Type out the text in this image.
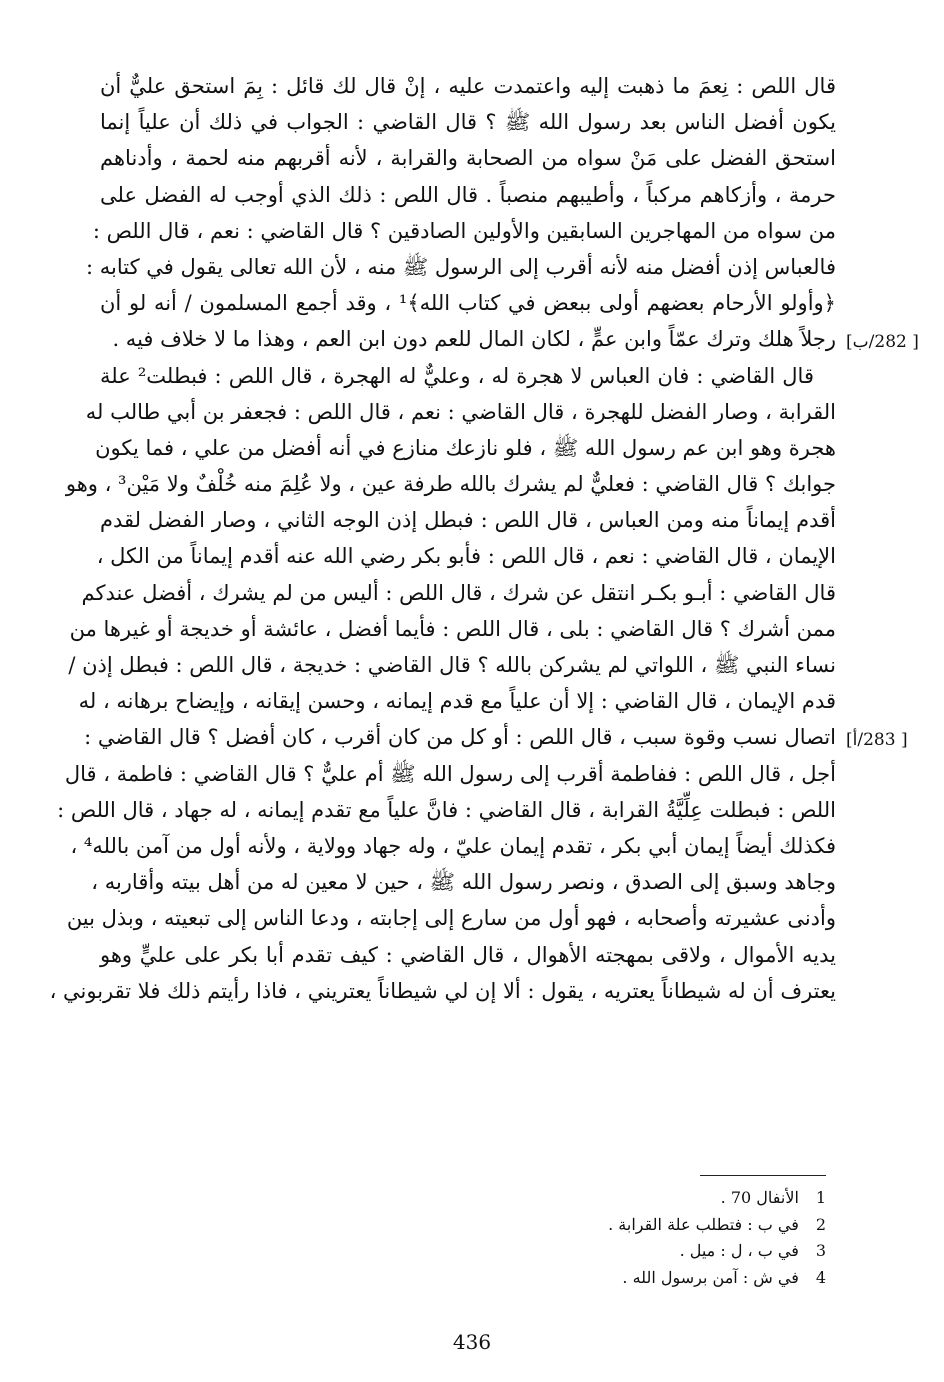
قال اللص : نِعمَ ما ذهبت إليه واعتمدت عليه ، إنْ قال لك قائل : بِمَ استحق عليٌّ أن
يكون أفضل الناس بعد رسول الله ﷺ ؟ قال القاضي : الجواب في ذلك أن علياً إنما
استحق الفضل على مَنْ سواه من الصحابة والقرابة ، لأنه أقربهم منه لحمة ، وأدناهم
حرمة ، وأزكاهم مركباً ، وأطيبهم منصباً . قال اللص : ذلك الذي أوجب له الفضل على
من سواه من المهاجرين السابقين والأولين الصادقين ؟ قال القاضي : نعم ، قال اللص :
فالعباس إذن أفضل منه لأنه أقرب إلى الرسول ﷺ منه ، لأن الله تعالى يقول في كتابه :
﴿وأولو الأرحام بعضهم أولى ببعض في كتاب الله﴾¹ ، وقد أجمع المسلمون / أنه لو أن
رجلاً هلك وترك عمّاً وابن عمٍّ ، لكان المال للعم دون ابن العم ، وهذا ما لا خلاف فيه .
قال القاضي : فان العباس لا هجرة له ، وعليٌّ له الهجرة ، قال اللص : فبطلت² علة
القرابة ، وصار الفضل للهجرة ، قال القاضي : نعم ، قال اللص : فجعفر بن أبي طالب له
هجرة وهو ابن عم رسول الله ﷺ ، فلو نازعك منازع في أنه أفضل من علي ، فما يكون
جوابك ؟ قال القاضي : فعليٌّ لم يشرك بالله طرفة عين ، ولا عُلِمَ منه خُلْفٌ ولا مَيْن³ ، وهو
أقدم إيماناً منه ومن العباس ، قال اللص : فبطل إذن الوجه الثاني ، وصار الفضل لقدم
الإيمان ، قال القاضي : نعم ، قال اللص : فأبو بكر رضي الله عنه أقدم إيماناً من الكل ،
قال القاضي : أبـو بكـر انتقل عن شرك ، قال اللص : أليس من لم يشرك ، أفضل عندكم
ممن أشرك ؟ قال القاضي : بلى ، قال اللص : فأيما أفضل ، عائشة أو خديجة أو غيرها من
نساء النبي ﷺ ، اللواتي لم يشركن بالله ؟ قال القاضي : خديجة ، قال اللص : فبطل إذن /
قدم الإيمان ، قال القاضي : إلا أن علياً مع قدم إيمانه ، وحسن إيقانه ، وإيضاح برهانه ، له
اتصال نسب وقوة سبب ، قال اللص : أو كل من كان أقرب ، كان أفضل ؟ قال القاضي :
أجل ، قال اللص : ففاطمة أقرب إلى رسول الله ﷺ أم عليٌّ ؟ قال القاضي : فاطمة ، قال
اللص : فبطلت عِلِّيَّةُ القرابة ، قال القاضي : فانَّ علياً مع تقدم إيمانه ، له جهاد ، قال اللص :
فكذلك أيضاً إيمان أبي بكر ، تقدم إيمان عليّ ، وله جهاد وولاية ، ولأنه أول من آمن بالله⁴ ،
وجاهد وسبق إلى الصدق ، ونصر رسول الله ﷺ ، حين لا معين له من أهل بيته وأقاربه ،
وأدنى عشيرته وأصحابه ، فهو أول من سارع إلى إجابته ، ودعا الناس إلى تبعيته ، وبذل بين
يديه الأموال ، ولاقى بمهجته الأهوال ، قال القاضي : كيف تقدم أبا بكر على عليٍّ وهو
يعترف أن له شيطاناً يعتريه ، يقول : ألا إن لي شيطاناً يعتريني ، فاذا رأيتم ذلك فلا تقربوني ،
[ 282/ب]
[ 283/أ]
1 الأنفال 70 .
2 في ب : فتطلب علة القرابة .
3 في ب ، ل : ميل .
4 في ش : آمن برسول الله .
436
